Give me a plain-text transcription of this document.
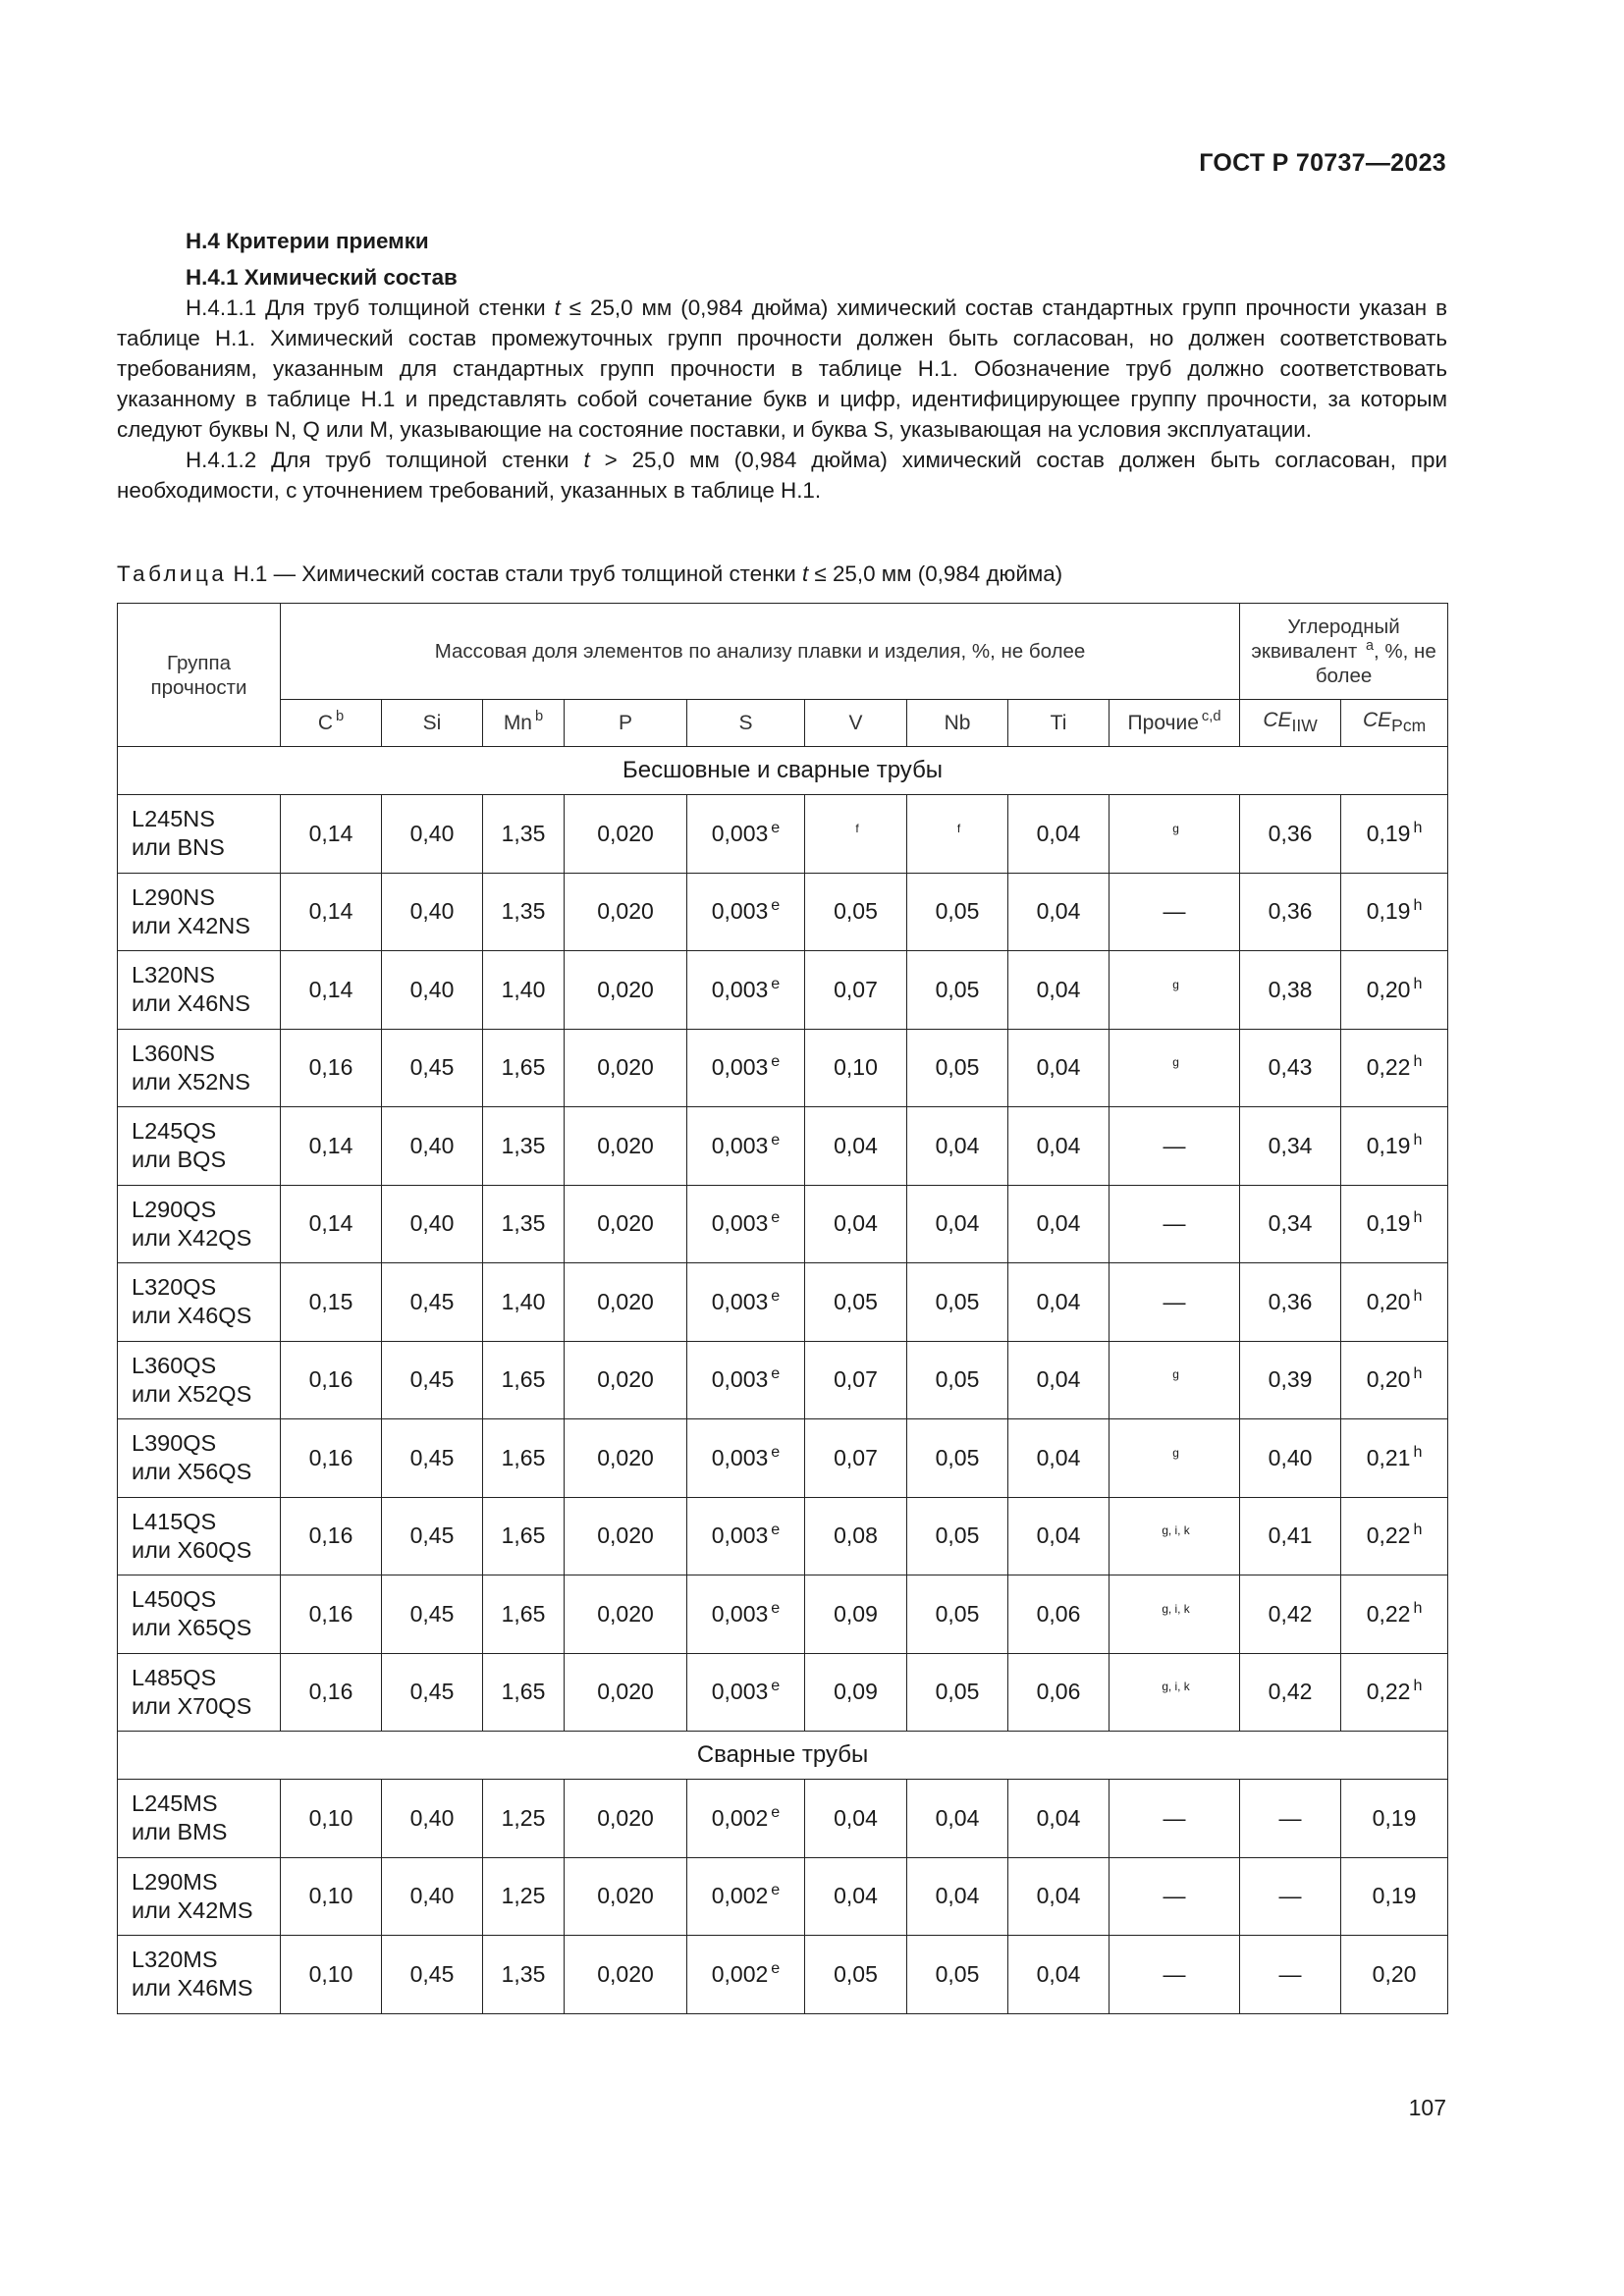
ГОСТ Р 70737—2023

H.4 Критерии приемки

H.4.1 Химический состав

H.4.1.1 Для труб толщиной стенки t ≤ 25,0 мм (0,984 дюйма) химический состав стандартных групп прочности указан в таблице H.1. Химический состав промежуточных групп прочности должен быть согласован, но должен соответствовать требованиям, указанным для стандартных групп прочности в таблице H.1. Обозначение труб должно соответствовать указанному в таблице H.1 и представлять собой сочетание букв и цифр, идентифицирующее группу прочности, за которым следуют буквы N, Q или M, указывающие на состояние поставки, и буква S, указывающая на условия эксплуатации.

H.4.1.2 Для труб толщиной стенки t > 25,0 мм (0,984 дюйма) химический состав должен быть согласован, при необходимости, с уточнением требований, указанных в таблице H.1.

Таблица H.1 — Химический состав стали труб толщиной стенки t ≤ 25,0 мм (0,984 дюйма)
Группа прочности	Массовая доля элементов по анализу плавки и изделия, %, не более									Углеродный эквивалент $^a$, %, не более	
	C $^b$	Si	Mn $^b$	P	S	V	Nb	Ti	Прочие $^{c,d}$	$CE_{IIW}$	$CE_{Pcm}$
Бесшовные и сварные трубы											
L245NS
или BNS	0,14	0,40	1,35	0,020	0,003 $^e$	$^f$	$^f$	0,04	$^g$	0,36	0,19 $^h$
L290NS
или X42NS	0,14	0,40	1,35	0,020	0,003 $^e$	0,05	0,05	0,04	—	0,36	0,19 $^h$
L320NS
или X46NS	0,14	0,40	1,40	0,020	0,003 $^e$	0,07	0,05	0,04	$^g$	0,38	0,20 $^h$
L360NS
или X52NS	0,16	0,45	1,65	0,020	0,003 $^e$	0,10	0,05	0,04	$^g$	0,43	0,22 $^h$
L245QS
или BQS	0,14	0,40	1,35	0,020	0,003 $^e$	0,04	0,04	0,04	—	0,34	0,19 $^h$
L290QS
или X42QS	0,14	0,40	1,35	0,020	0,003 $^e$	0,04	0,04	0,04	—	0,34	0,19 $^h$
L320QS
или X46QS	0,15	0,45	1,40	0,020	0,003 $^e$	0,05	0,05	0,04	—	0,36	0,20 $^h$
L360QS
или X52QS	0,16	0,45	1,65	0,020	0,003 $^e$	0,07	0,05	0,04	$^g$	0,39	0,20 $^h$
L390QS
или X56QS	0,16	0,45	1,65	0,020	0,003 $^e$	0,07	0,05	0,04	$^g$	0,40	0,21 $^h$
L415QS
или X60QS	0,16	0,45	1,65	0,020	0,003 $^e$	0,08	0,05	0,04	$^{g, i, k}$	0,41	0,22 $^h$
L450QS
или X65QS	0,16	0,45	1,65	0,020	0,003 $^e$	0,09	0,05	0,06	$^{g, i, k}$	0,42	0,22 $^h$
L485QS
или X70QS	0,16	0,45	1,65	0,020	0,003 $^e$	0,09	0,05	0,06	$^{g, i, k}$	0,42	0,22 $^h$
Сварные трубы											
L245MS
или BMS	0,10	0,40	1,25	0,020	0,002 $^e$	0,04	0,04	0,04	—	—	0,19
L290MS
или X42MS	0,10	0,40	1,25	0,020	0,002 $^e$	0,04	0,04	0,04	—	—	0,19
L320MS
или X46MS	0,10	0,45	1,35	0,020	0,002 $^e$	0,05	0,05	0,04	—	—	0,20
107
